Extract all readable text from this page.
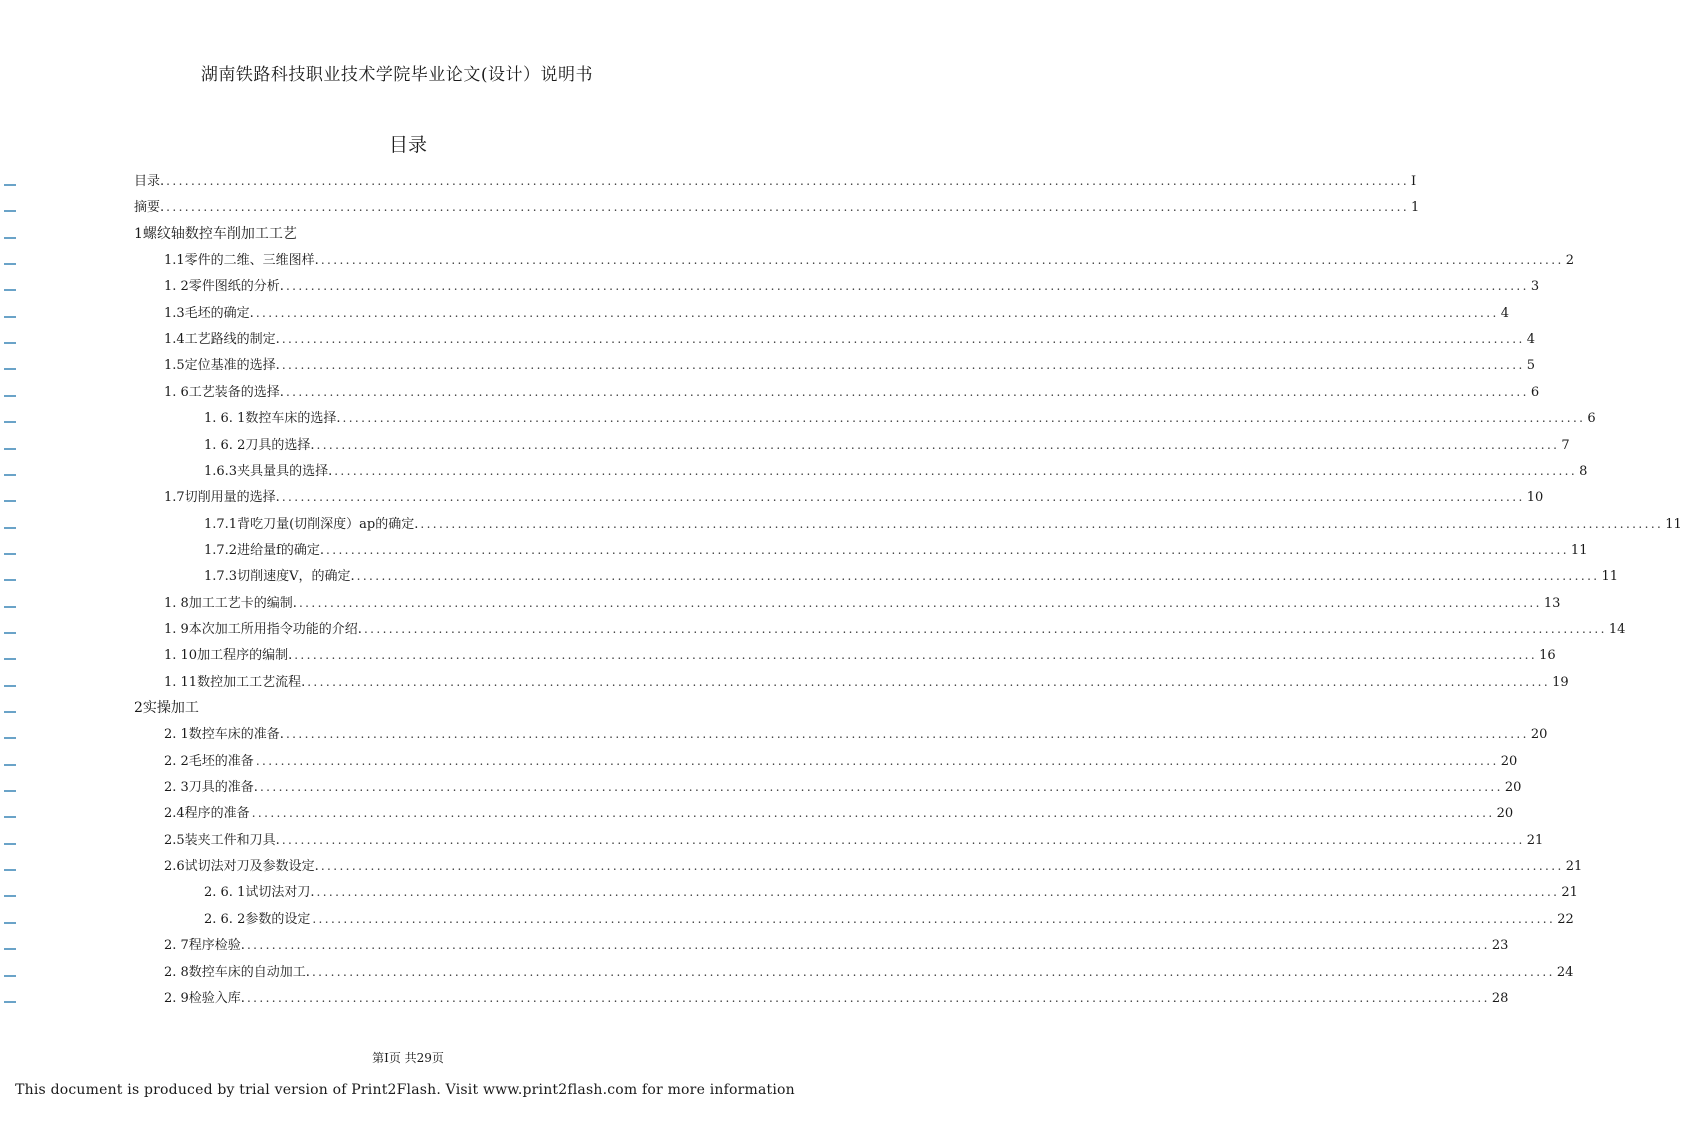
湖南铁路科技职业技术学院毕业论文(设计）说明书
目录
目录. ........................................................................................................................................................................................................ I
摘要. ........................................................................................................................................................................................................ 1
1螺纹轴数控车削加工工艺
1.1零件的二维、三维图样. ........................................................................................................................................................................................................ 2
1. 2零件图纸的分析. ........................................................................................................................................................................................................ 3
1.3毛坯的确定. ........................................................................................................................................................................................................ 4
1.4工艺路线的制定. ........................................................................................................................................................................................................ 4
1.5定位基准的选择. ........................................................................................................................................................................................................ 5
1. 6工艺装备的选择. ........................................................................................................................................................................................................ 6
1. 6. 1数控车床的选择. ........................................................................................................................................................................................................ 6
1. 6. 2刀具的选择. ........................................................................................................................................................................................................ 7
1.6.3夹具量具的选择. ........................................................................................................................................................................................................ 8
1.7切削用量的选择. ........................................................................................................................................................................................................ 10
1.7.1背吃刀量(切削深度）ap的确定. ........................................................................................................................................................................................................ 11
1.7.2进给量f的确定. ........................................................................................................................................................................................................ 11
1.7.3切削速度V，的确定. ........................................................................................................................................................................................................ 11
1. 8加工工艺卡的编制. ........................................................................................................................................................................................................ 13
1. 9本次加工所用指令功能的介绍. ........................................................................................................................................................................................................ 14
1. 10加工程序的编制. ........................................................................................................................................................................................................ 16
1. 11数控加工工艺流程. ........................................................................................................................................................................................................ 19
2实操加工
2. 1数控车床的准备. ........................................................................................................................................................................................................ 20
2. 2毛坯的准备 ........................................................................................................................................................................................................ 20
2. 3刀具的准备. ........................................................................................................................................................................................................ 20
2.4程序的准备 ........................................................................................................................................................................................................ 20
2.5装夹工件和刀具. ........................................................................................................................................................................................................ 21
2.6试切法对刀及参数设定. ........................................................................................................................................................................................................ 21
2. 6. 1试切法对刀. ........................................................................................................................................................................................................ 21
2. 6. 2参数的设定 ........................................................................................................................................................................................................ 22
2. 7程序检验. ........................................................................................................................................................................................................ 23
2. 8数控车床的自动加工. ........................................................................................................................................................................................................ 24
2. 9检验入库. ........................................................................................................................................................................................................ 28
第I页 共29页
This document is produced by trial version of Print2Flash. Visit www.print2flash.com for more information
